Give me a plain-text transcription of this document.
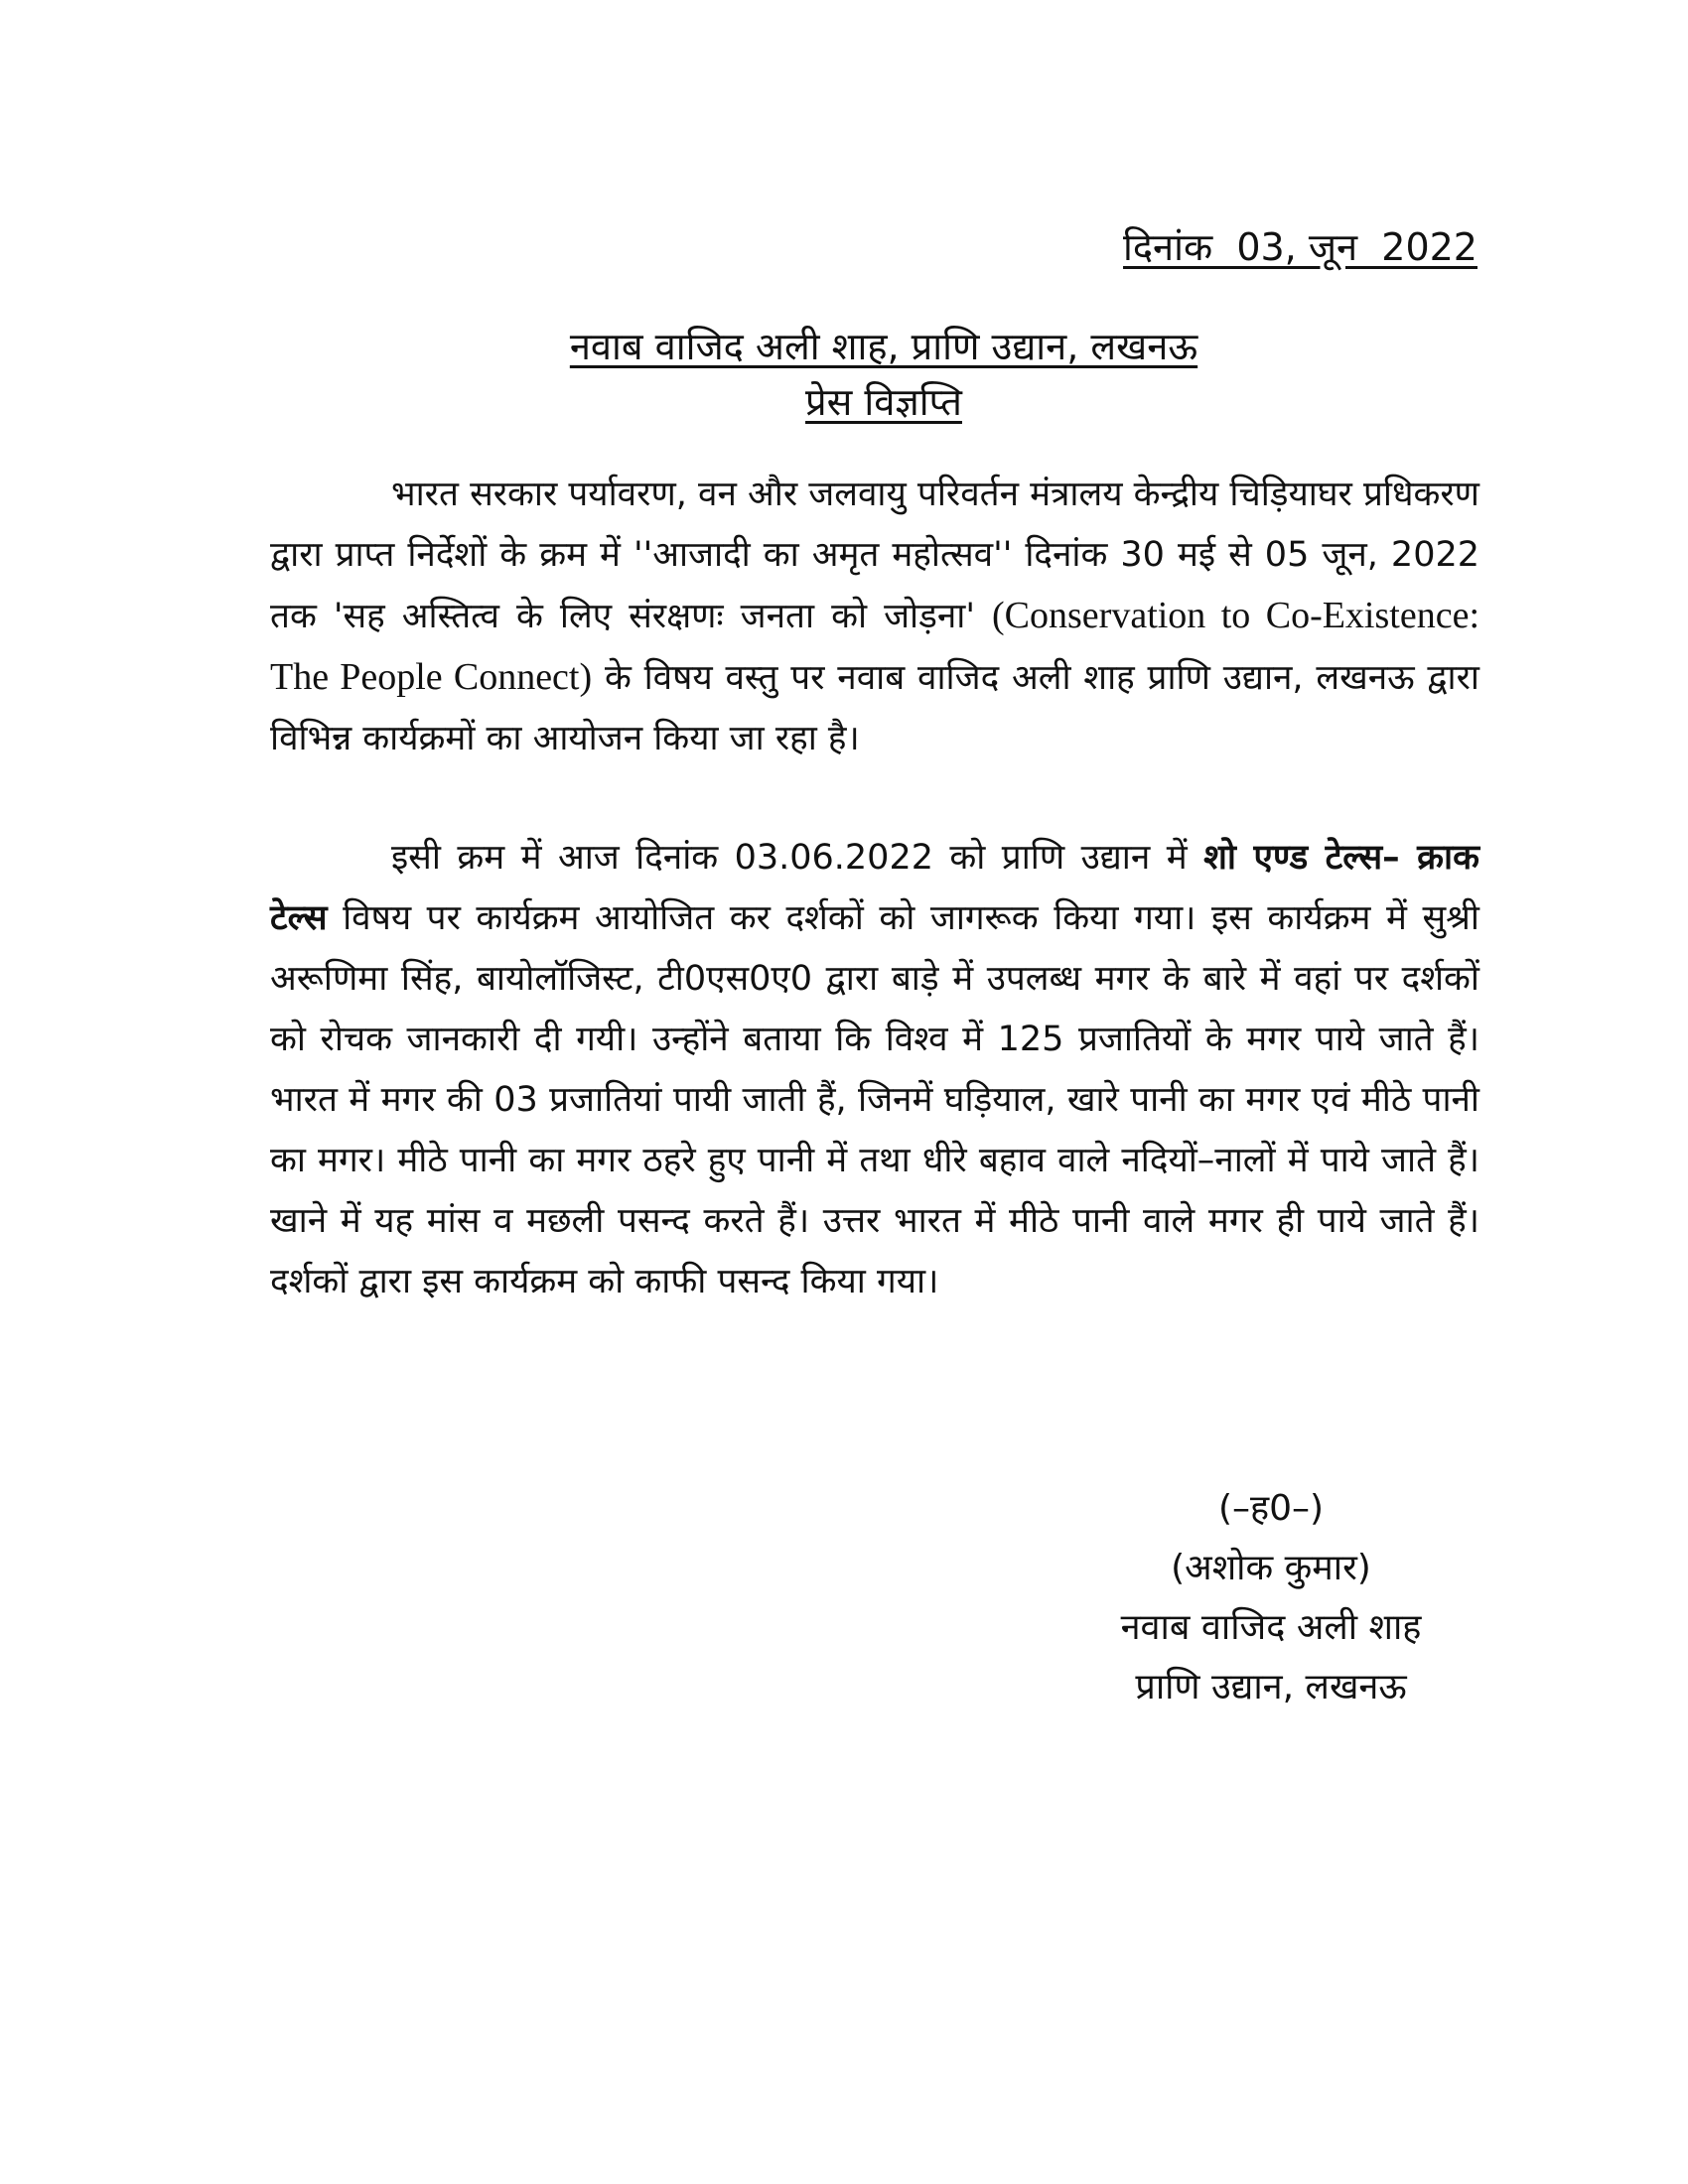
दिनांक  03, जून  2022
नवाब वाजिद अली शाह, प्राणि उद्यान, लखनऊ
प्रेस विज्ञप्ति

भारत सरकार पर्यावरण, वन और जलवायु परिवर्तन मंत्रालय केन्द्रीय चिड़ियाघर प्रधिकरण द्वारा प्राप्त निर्देशों के क्रम में ''आजादी का अमृत महोत्सव'' दिनांक 30 मई से 05 जून, 2022 तक 'सह अस्तित्व के लिए संरक्षणः जनता को जोड़ना' (Conservation to Co-Existence: The People Connect) के विषय वस्तु पर नवाब वाजिद अली शाह प्राणि उद्यान, लखनऊ द्वारा विभिन्न कार्यक्रमों का आयोजन किया जा रहा है।

इसी क्रम में आज दिनांक 03.06.2022 को प्राणि उद्यान में शो एण्ड टेल्स– क्राक टेल्स विषय पर कार्यक्रम आयोजित कर दर्शकों को जागरूक किया गया। इस कार्यक्रम में सुश्री अरूणिमा सिंह, बायोलॉजिस्ट, टी0एस0ए0 द्वारा बाड़े में उपलब्ध मगर के बारे में वहां पर दर्शकों को रोचक जानकारी दी गयी। उन्होंने बताया कि विश्व में 125 प्रजातियों के मगर पाये जाते हैं। भारत में मगर की 03 प्रजातियां पायी जाती हैं, जिनमें घड़ियाल, खारे पानी का मगर एवं मीठे पानी का मगर। मीठे पानी का मगर ठहरे हुए पानी में तथा धीरे बहाव वाले नदियों–नालों में पाये जाते हैं। खाने में यह मांस व मछली पसन्द करते हैं। उत्तर भारत में मीठे पानी वाले मगर ही पाये जाते हैं। दर्शकों द्वारा इस कार्यक्रम को काफी पसन्द किया गया।

(–ह0–)
(अशोक कुमार)
नवाब वाजिद अली शाह
प्राणि उद्यान, लखनऊ
